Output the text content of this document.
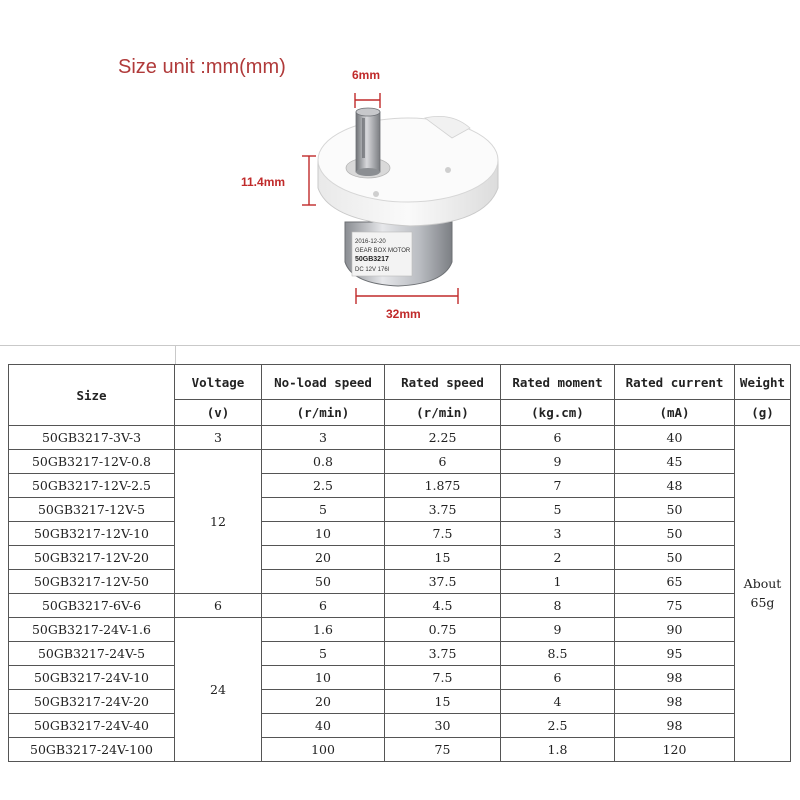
Size unit :mm(mm)
2016-12-20
GEAR BOX MOTOR
50GB3217
DC 12V 176l
6mm
11.4mm
32mm
Size	Voltage	No-load speed	Rated speed	Rated moment	Rated current	Weight
	(v)	(r/min)	(r/min)	(kg.cm)	(mA)	(g)
50GB3217-3V-3	3	3	2.25	6	40	About 65g
50GB3217-12V-0.8	12	0.8	6	9	45	
50GB3217-12V-2.5		2.5	1.875	7	48	
50GB3217-12V-5		5	3.75	5	50	
50GB3217-12V-10		10	7.5	3	50	
50GB3217-12V-20		20	15	2	50	
50GB3217-12V-50		50	37.5	1	65	
50GB3217-6V-6	6	6	4.5	8	75	
50GB3217-24V-1.6	24	1.6	0.75	9	90	
50GB3217-24V-5		5	3.75	8.5	95	
50GB3217-24V-10		10	7.5	6	98	
50GB3217-24V-20		20	15	4	98	
50GB3217-24V-40		40	30	2.5	98	
50GB3217-24V-100		100	75	1.8	120	
